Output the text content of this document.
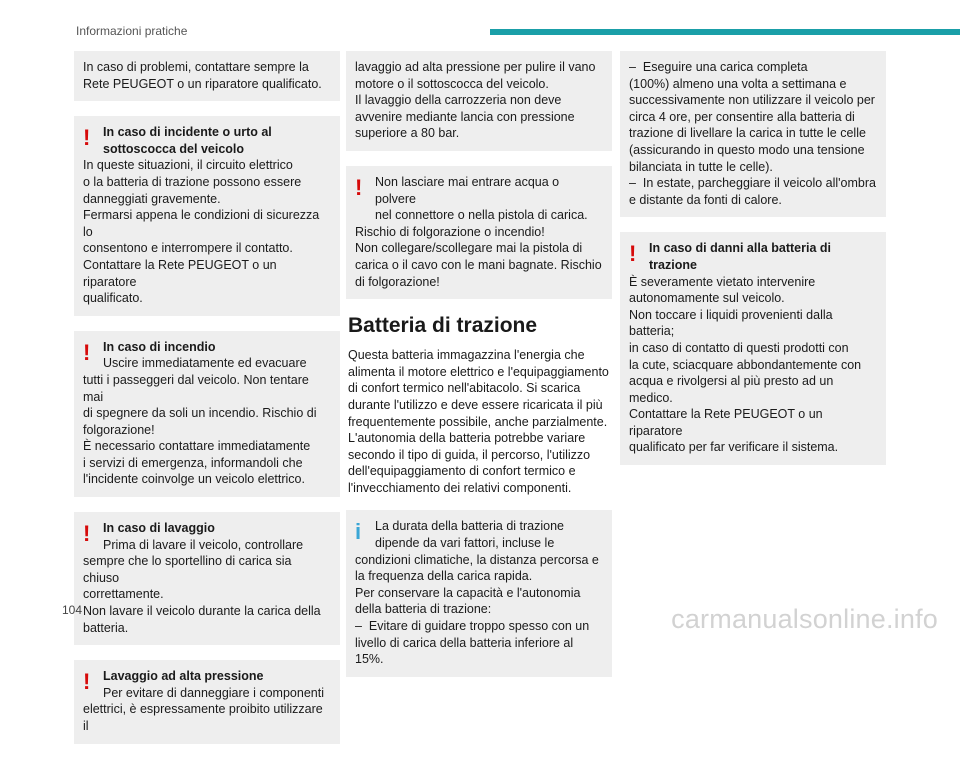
Informazioni pratiche
In caso di problemi, contattare sempre la
Rete PEUGEOT o un riparatore qualificato.
!	In caso di incidente o urto al
sottoscocca del veicolo
In queste situazioni, il circuito elettrico
o la batteria di trazione possono essere
danneggiati gravemente.
Fermarsi appena le condizioni di sicurezza lo
consentono e interrompere il contatto.
Contattare la Rete PEUGEOT o un riparatore
qualificato.
!	In caso di incendio
Uscire immediatamente ed evacuare
tutti i passeggeri dal veicolo. Non tentare mai
di spegnere da soli un incendio. Rischio di
folgorazione!
È necessario contattare immediatamente
i servizi di emergenza, informandoli che
l'incidente coinvolge un veicolo elettrico.
!	In caso di lavaggio
Prima di lavare il veicolo, controllare
sempre che lo sportellino di carica sia chiuso
correttamente.
Non lavare il veicolo durante la carica della
batteria.
!	Lavaggio ad alta pressione
Per evitare di danneggiare i componenti
elettrici, è espressamente proibito utilizzare il
lavaggio ad alta pressione per pulire il vano
motore o il sottoscocca del veicolo.
Il lavaggio della carrozzeria non deve
avvenire mediante lancia con pressione
superiore a 80 bar.
!	Non lasciare mai entrare acqua o polvere
nel connettore o nella pistola di carica.
Rischio di folgorazione o incendio!
Non collegare/scollegare mai la pistola di
carica o il cavo con le mani bagnate. Rischio
di folgorazione!
Batteria di trazione
Questa batteria immagazzina l'energia che
alimenta il motore elettrico e l'equipaggiamento
di confort termico nell'abitacolo. Si scarica
durante l'utilizzo e deve essere ricaricata il più
frequentemente possibile, anche parzialmente.
L'autonomia della batteria potrebbe variare
secondo il tipo di guida, il percorso, l'utilizzo
dell'equipaggiamento di confort termico e
l'invecchiamento dei relativi componenti.
i	La durata della batteria di trazione
dipende da vari fattori, incluse le
condizioni climatiche, la distanza percorsa e
la frequenza della carica rapida.
Per conservare la capacità e l'autonomia
della batteria di trazione:
–  Evitare di guidare troppo spesso con un
livello di carica della batteria inferiore al 15%.
–  Eseguire una carica completa
(100%) almeno una volta a settimana e
successivamente non utilizzare il veicolo per
circa 4 ore, per consentire alla batteria di
trazione di livellare la carica in tutte le celle
(assicurando in questo modo una tensione
bilanciata in tutte le celle).
–  In estate, parcheggiare il veicolo all'ombra
e distante da fonti di calore.
!	In caso di danni alla batteria di
trazione
È severamente vietato intervenire
autonomamente sul veicolo.
Non toccare i liquidi provenienti dalla batteria;
in caso di contatto di questi prodotti con
la cute, sciacquare abbondantemente con
acqua e rivolgersi al più presto ad un medico.
Contattare la Rete PEUGEOT o un riparatore
qualificato per far verificare il sistema.
104	carmanualsonline.info
